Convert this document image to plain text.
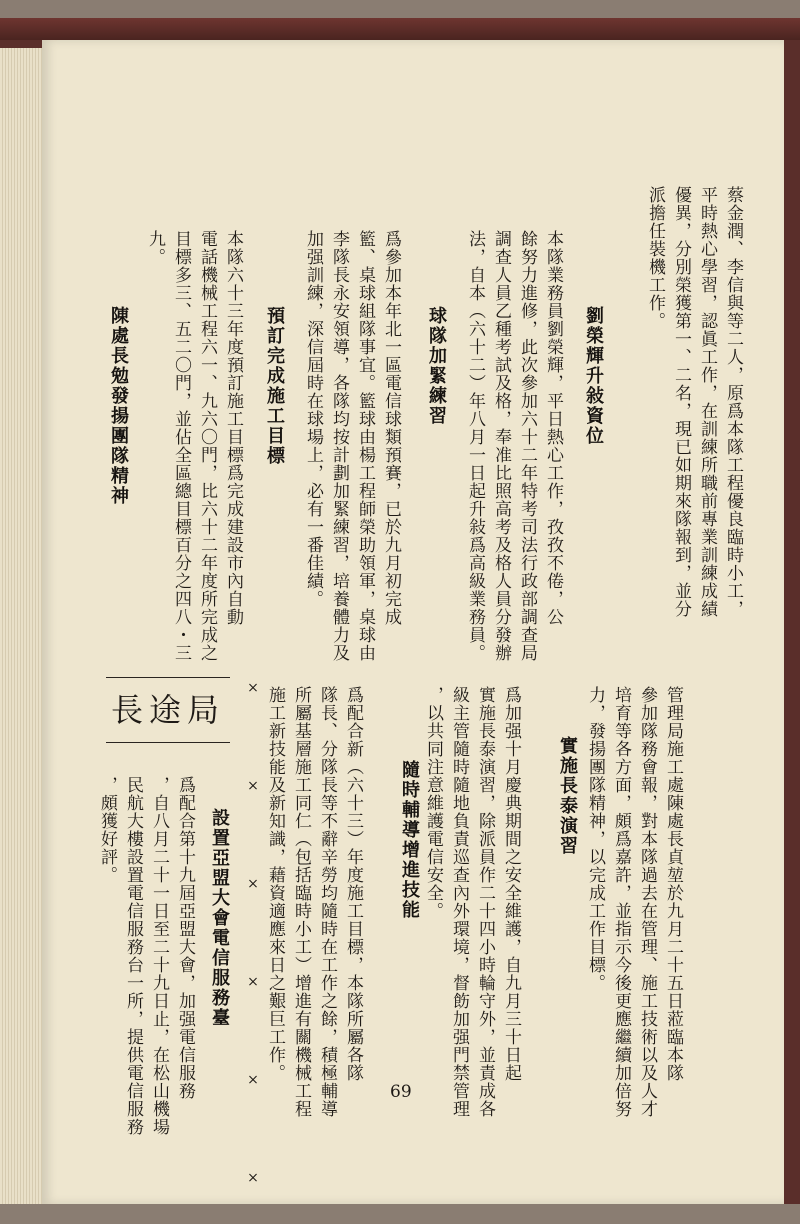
蔡金潤、李信與等二人，原爲本隊工程優良臨時小工，
平時熱心學習，認眞工作，在訓練所職前專業訓練成績
優異，分別榮獲第一、二名，現已如期來隊報到，並分
派擔任裝機工作。
劉榮輝升敍資位
本隊業務員劉榮輝，平日熱心工作，孜孜不倦，公
餘努力進修，此次參加六十二年特考司法行政部調查局
調查人員乙種考試及格，奉准比照高考及格人員分發辦
法，自本（六十二）年八月一日起升敍爲高級業務員。
球隊加緊練習
爲參加本年北一區電信球類預賽，已於九月初完成
籃、桌球組隊事宜。籃球由楊工程師榮助領軍，桌球由
李隊長永安領導，各隊均按計劃加緊練習，培養體力及
加强訓練，深信屆時在球場上，必有一番佳績。
預訂完成施工目標
本隊六十三年度預訂施工目標爲完成建設市內自動
電話機械工程六一、九六〇門，比六十二年度所完成之
目標多三、五二〇門，並佔全區總目標百分之四八・三
九。
陳處長勉發揚團隊精神
管理局施工處陳處長貞堃於九月二十五日蒞臨本隊
參加隊務會報，對本隊過去在管理、施工技術以及人才
培育等各方面，頗爲嘉許，並指示今後更應繼續加倍努
力，發揚團隊精神，以完成工作目標。
實施長泰演習
爲加强十月慶典期間之安全維護，自九月三十日起
實施長泰演習，除派員作二十四小時輪守外，並責成各
級主管隨時隨地負責巡查內外環境，督飭加强門禁管理
，以共同注意維護電信安全。
隨時輔導增進技能
爲配合新（六十三）年度施工目標，本隊所屬各隊
隊長、分隊長等不辭辛勞均隨時在工作之餘，積極輔導
所屬基層施工同仁（包括臨時小工）增進有關機械工程
施工新技能及新知識，藉資適應來日之艱巨工作。
設置亞盟大會電信服務臺
爲配合第十九屆亞盟大會，加强電信服務
，自八月二十一日至二十九日止，在松山機場
民航大樓設置電信服務台一所，提供電信服務
，頗獲好評。	× × × × × ×
長途局
69
